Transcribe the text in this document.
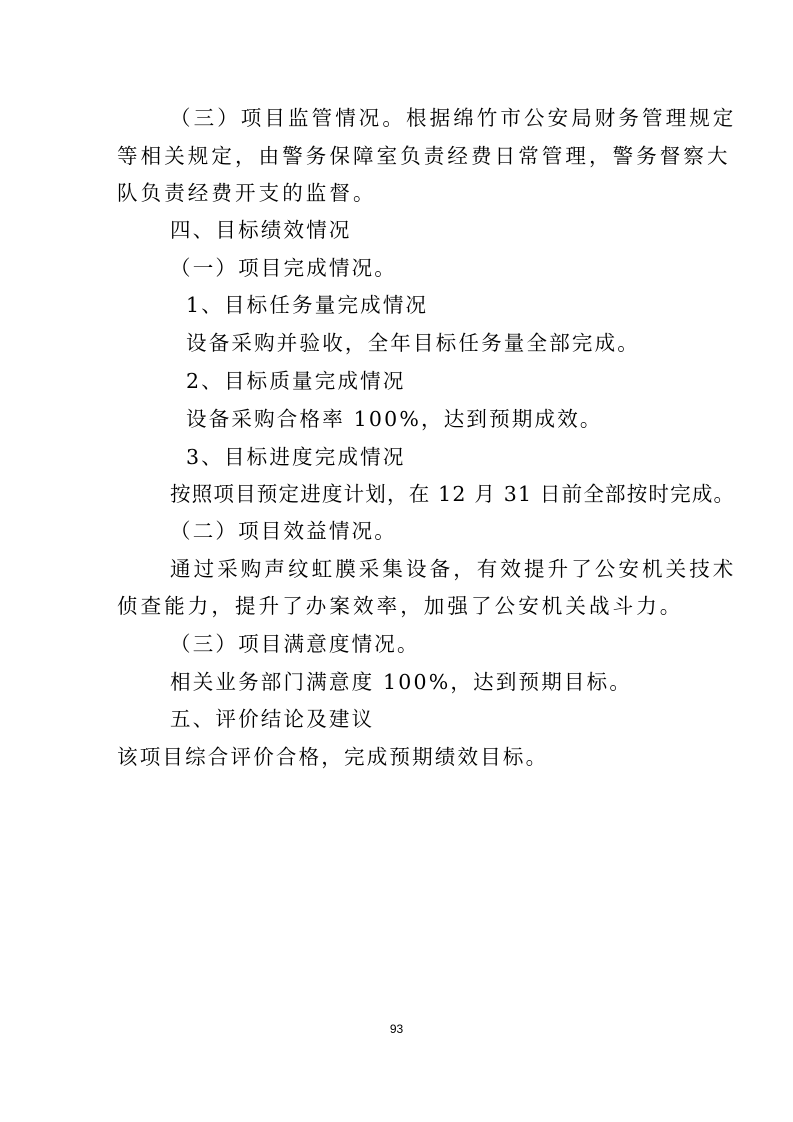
（三）项目监管情况。根据绵竹市公安局财务管理规定
等相关规定，由警务保障室负责经费日常管理，警务督察大
队负责经费开支的监督。
四、目标绩效情况
（一）项目完成情况。
1、目标任务量完成情况
设备采购并验收，全年目标任务量全部完成。
2、目标质量完成情况
设备采购合格率 100%，达到预期成效。
3、目标进度完成情况
按照项目预定进度计划，在 12 月 31 日前全部按时完成。
（二）项目效益情况。
通过采购声纹虹膜采集设备，有效提升了公安机关技术
侦查能力，提升了办案效率，加强了公安机关战斗力。
（三）项目满意度情况。
相关业务部门满意度 100%，达到预期目标。
五、评价结论及建议
该项目综合评价合格，完成预期绩效目标。
93
